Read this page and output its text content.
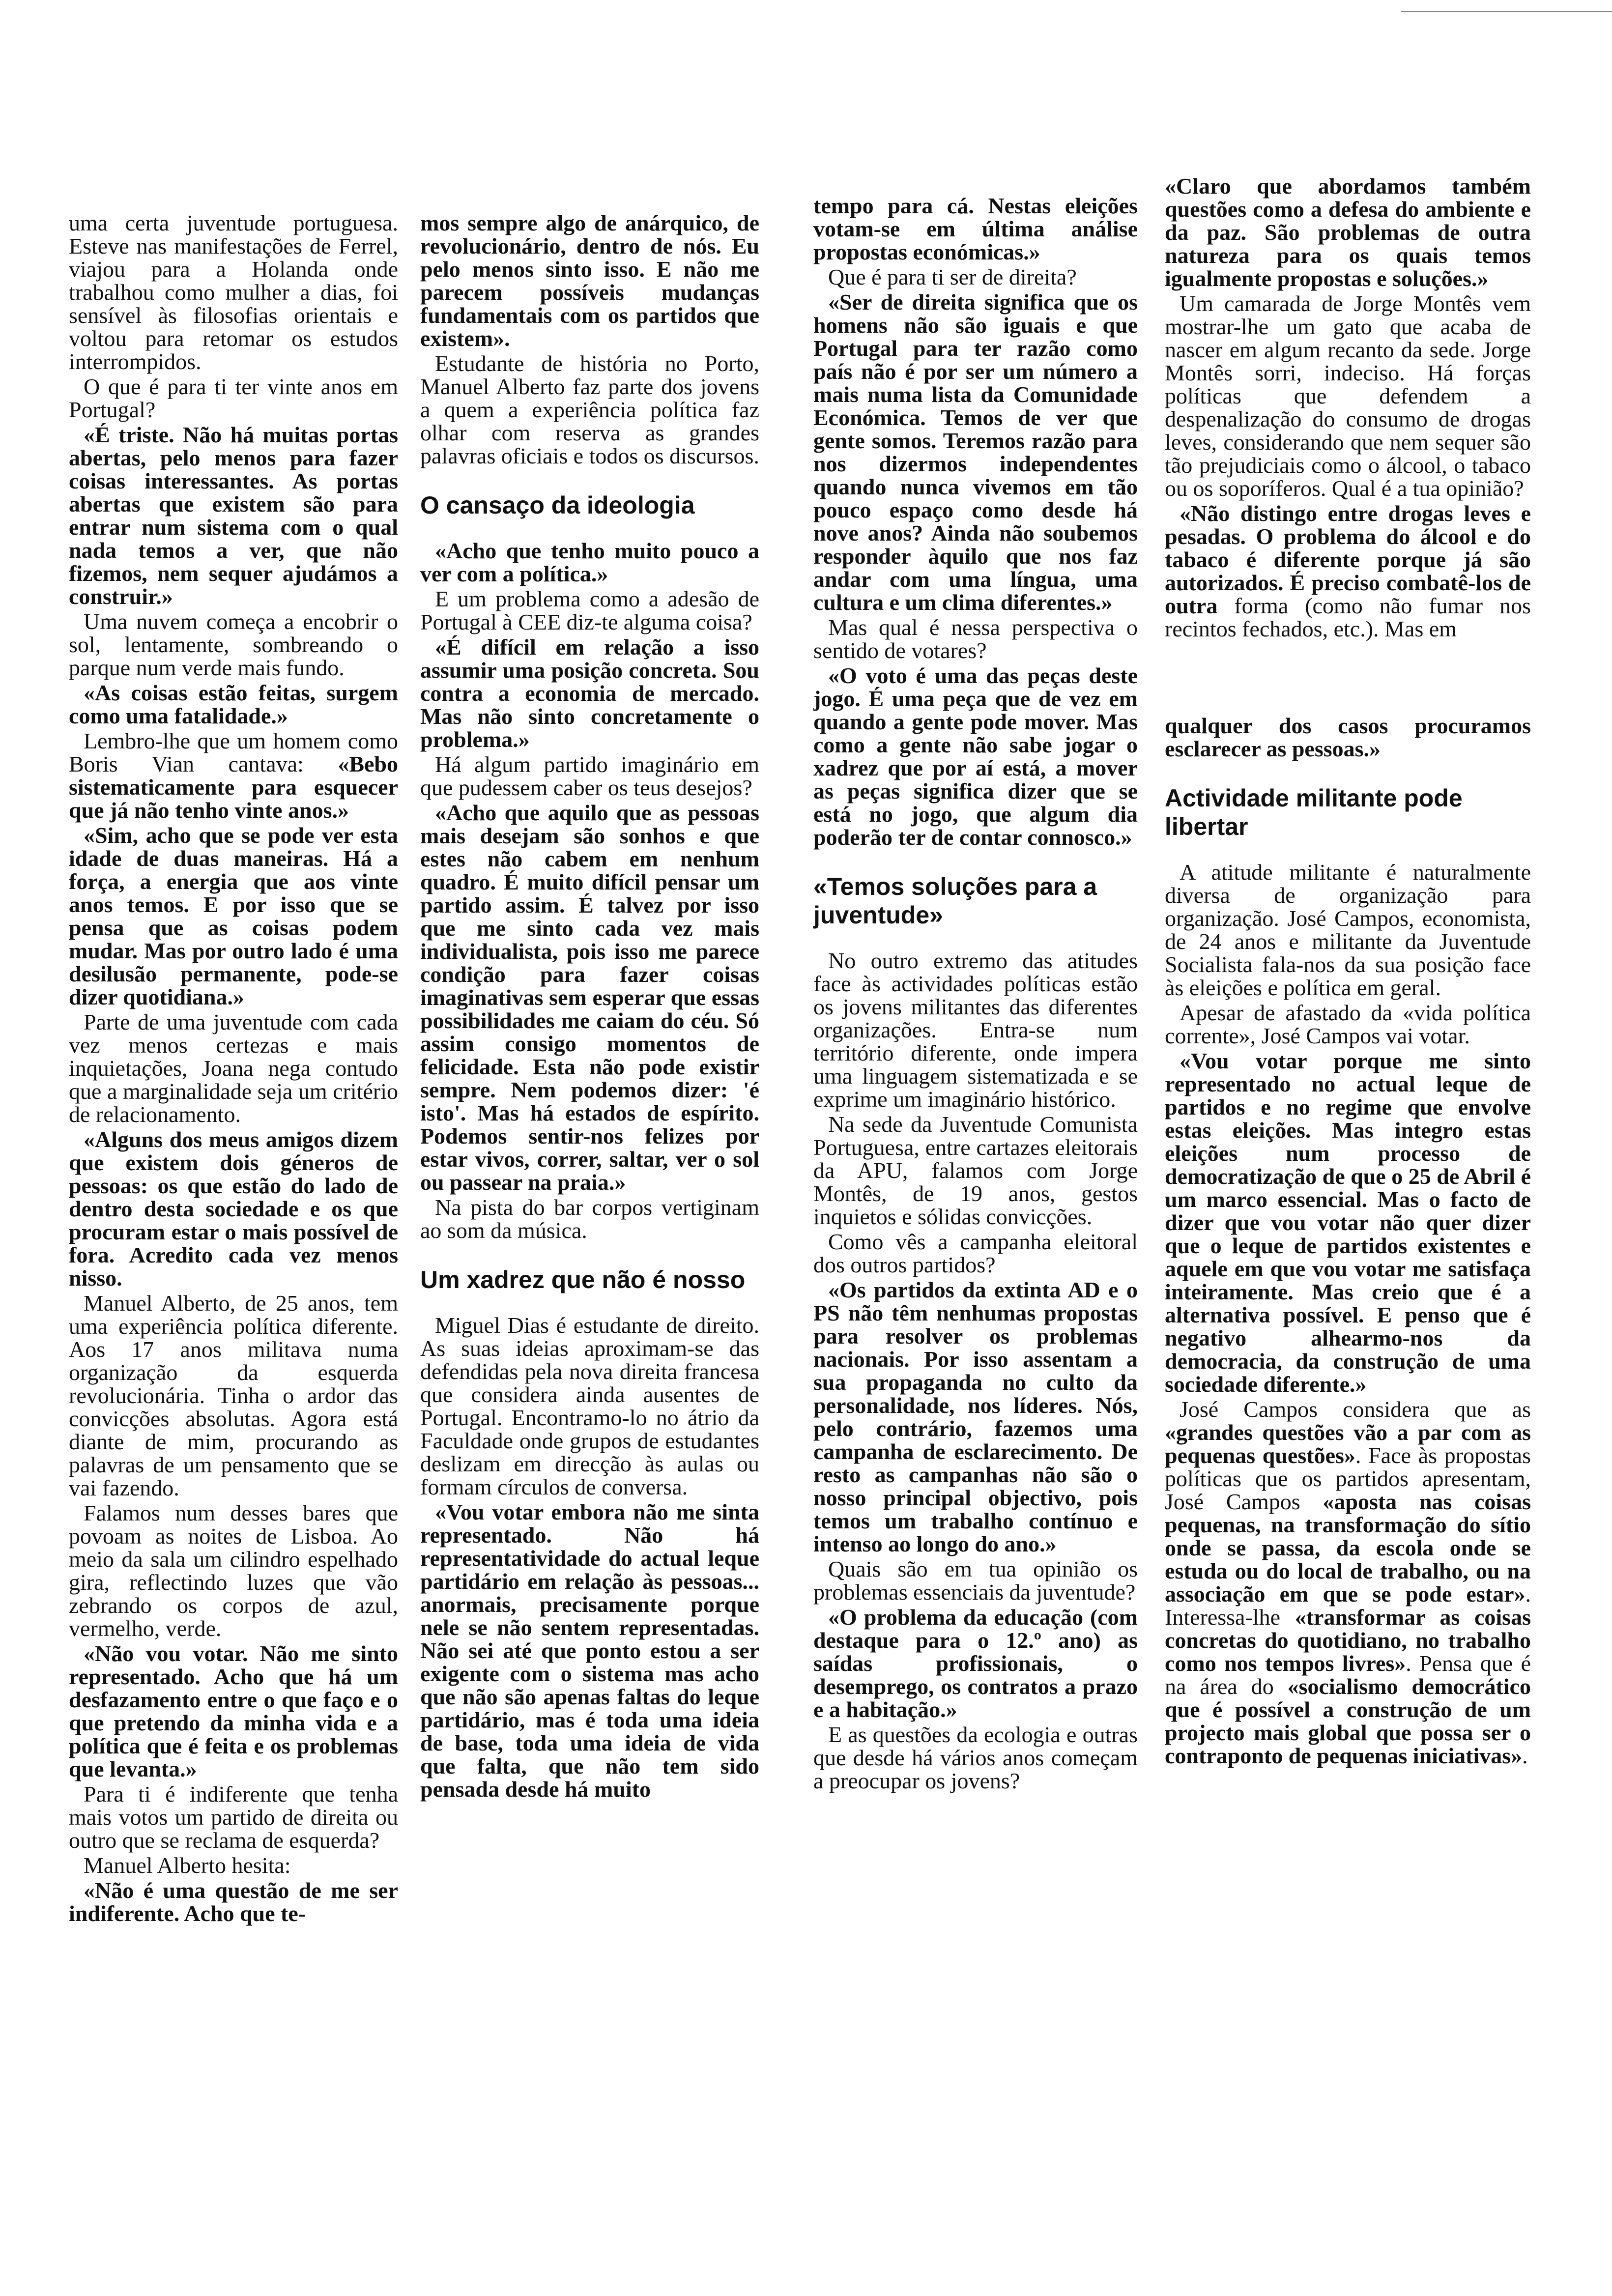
uma certa juventude portuguesa. Esteve nas manifestações de Ferrel, viajou para a Holanda onde trabalhou como mulher a dias, foi sensível às filosofias orientais e voltou para retomar os estudos interrompidos.

O que é para ti ter vinte anos em Portugal?

«É triste. Não há muitas portas abertas, pelo menos para fazer coisas interessantes. As portas abertas que existem são para entrar num sistema com o qual nada temos a ver, que não fizemos, nem sequer ajudámos a construir.»

Uma nuvem começa a encobrir o sol, lentamente, sombreando o parque num verde mais fundo.

«As coisas estão feitas, surgem como uma fatalidade.»

Lembro-lhe que um homem como Boris Vian cantava: «Bebo sistematicamente para esquecer que já não tenho vinte anos.»

«Sim, acho que se pode ver esta idade de duas maneiras. Há a força, a energia que aos vinte anos temos. E por isso que se pensa que as coisas podem mudar. Mas por outro lado é uma desilusão permanente, pode-se dizer quotidiana.»

Parte de uma juventude com cada vez menos certezas e mais inquietações, Joana nega contudo que a marginalidade seja um critério de relacionamento.

«Alguns dos meus amigos dizem que existem dois géneros de pessoas: os que estão do lado de dentro desta sociedade e os que procuram estar o mais possível de fora. Acredito cada vez menos nisso.

Manuel Alberto, de 25 anos, tem uma experiência política diferente. Aos 17 anos militava numa organização da esquerda revolucionária. Tinha o ardor das convicções absolutas. Agora está diante de mim, procurando as palavras de um pensamento que se vai fazendo.

Falamos num desses bares que povoam as noites de Lisboa. Ao meio da sala um cilindro espelhado gira, reflectindo luzes que vão zebrando os corpos de azul, vermelho, verde.

«Não vou votar. Não me sinto representado. Acho que há um desfazamento entre o que faço e o que pretendo da minha vida e a política que é feita e os problemas que levanta.»

Para ti é indiferente que tenha mais votos um partido de direita ou outro que se reclama de esquerda?

Manuel Alberto hesita:

«Não é uma questão de me ser indiferente. Acho que te-

mos sempre algo de anárquico, de revolucionário, dentro de nós. Eu pelo menos sinto isso. E não me parecem possíveis mudanças fundamentais com os partidos que existem».

Estudante de história no Porto, Manuel Alberto faz parte dos jovens a quem a experiência política faz olhar com reserva as grandes palavras oficiais e todos os discursos.

O cansaço da ideologia

«Acho que tenho muito pouco a ver com a política.»

E um problema como a adesão de Portugal à CEE diz-te alguma coisa?

«É difícil em relação a isso assumir uma posição concreta. Sou contra a economia de mercado. Mas não sinto concretamente o problema.»

Há algum partido imaginário em que pudessem caber os teus desejos?

«Acho que aquilo que as pessoas mais desejam são sonhos e que estes não cabem em nenhum quadro. É muito difícil pensar um partido assim. É talvez por isso que me sinto cada vez mais individualista, pois isso me parece condição para fazer coisas imaginativas sem esperar que essas possibilidades me caiam do céu. Só assim consigo momentos de felicidade. Esta não pode existir sempre. Nem podemos dizer: 'é isto'. Mas há estados de espírito. Podemos sentir-nos felizes por estar vivos, correr, saltar, ver o sol ou passear na praia.»

Na pista do bar corpos vertiginam ao som da música.

Um xadrez que não é nosso

Miguel Dias é estudante de direito. As suas ideias aproximam-se das defendidas pela nova direita francesa que considera ainda ausentes de Portugal. Encontramo-lo no átrio da Faculdade onde grupos de estudantes deslizam em direcção às aulas ou formam círculos de conversa.

«Vou votar embora não me sinta representado. Não há representatividade do actual leque partidário em relação às pessoas... anormais, precisamente porque nele se não sentem representadas. Não sei até que ponto estou a ser exigente com o sistema mas acho que não são apenas faltas do leque partidário, mas é toda uma ideia de base, toda uma ideia de vida que falta, que não tem sido pensada desde há muito

tempo para cá. Nestas eleições votam-se em última análise propostas económicas.»

Que é para ti ser de direita?

«Ser de direita significa que os homens não são iguais e que Portugal para ter razão como país não é por ser um número a mais numa lista da Comunidade Económica. Temos de ver que gente somos. Teremos razão para nos dizermos independentes quando nunca vivemos em tão pouco espaço como desde há nove anos? Ainda não soubemos responder àquilo que nos faz andar com uma língua, uma cultura e um clima diferentes.»

Mas qual é nessa perspectiva o sentido de votares?

«O voto é uma das peças deste jogo. É uma peça que de vez em quando a gente pode mover. Mas como a gente não sabe jogar o xadrez que por aí está, a mover as peças significa dizer que se está no jogo, que algum dia poderão ter de contar connosco.»

«Temos soluções para a juventude»

No outro extremo das atitudes face às actividades políticas estão os jovens militantes das diferentes organizações. Entra-se num território diferente, onde impera uma linguagem sistematizada e se exprime um imaginário histórico.

Na sede da Juventude Comunista Portuguesa, entre cartazes eleitorais da APU, falamos com Jorge Montês, de 19 anos, gestos inquietos e sólidas convicções.

Como vês a campanha eleitoral dos outros partidos?

«Os partidos da extinta AD e o PS não têm nenhumas propostas para resolver os problemas nacionais. Por isso assentam a sua propaganda no culto da personalidade, nos líderes. Nós, pelo contrário, fazemos uma campanha de esclarecimento. De resto as campanhas não são o nosso principal objectivo, pois temos um trabalho contínuo e intenso ao longo do ano.»

Quais são em tua opinião os problemas essenciais da juventude?

«O problema da educação (com destaque para o 12.º ano) as saídas profissionais, o desemprego, os contratos a prazo e a habitação.»

E as questões da ecologia e outras que desde há vários anos começam a preocupar os jovens?

«Claro que abordamos também questões como a defesa do ambiente e da paz. São problemas de outra natureza para os quais temos igualmente propostas e soluções.»

Um camarada de Jorge Montês vem mostrar-lhe um gato que acaba de nascer em algum recanto da sede. Jorge Montês sorri, indeciso. Há forças políticas que defendem a despenalização do consumo de drogas leves, considerando que nem sequer são tão prejudiciais como o álcool, o tabaco ou os soporíferos. Qual é a tua opinião?

«Não distingo entre drogas leves e pesadas. O problema do álcool e do tabaco é diferente porque já são autorizados. É preciso combatê-los de outra forma (como não fumar nos recintos fechados, etc.). Mas em

qualquer dos casos procuramos esclarecer as pessoas.»

Actividade militante pode libertar

A atitude militante é naturalmente diversa de organização para organização. José Campos, economista, de 24 anos e militante da Juventude Socialista fala-nos da sua posição face às eleições e política em geral.

Apesar de afastado da «vida política corrente», José Campos vai votar.

«Vou votar porque me sinto representado no actual leque de partidos e no regime que envolve estas eleições. Mas integro estas eleições num processo de democratização de que o 25 de Abril é um marco essencial. Mas o facto de dizer que vou votar não quer dizer que o leque de partidos existentes e aquele em que vou votar me satisfaça inteiramente. Mas creio que é a alternativa possível. E penso que é negativo alhearmo-nos da democracia, da construção de uma sociedade diferente.»

José Campos considera que as «grandes questões vão a par com as pequenas questões». Face às propostas políticas que os partidos apresentam, José Campos «aposta nas coisas pequenas, na transformação do sítio onde se passa, da escola onde se estuda ou do local de trabalho, ou na associação em que se pode estar». Interessa-lhe «transformar as coisas concretas do quotidiano, no trabalho como nos tempos livres». Pensa que é na área do «socialismo democrático que é possível a construção de um projecto mais global que possa ser o contraponto de pequenas iniciativas».
